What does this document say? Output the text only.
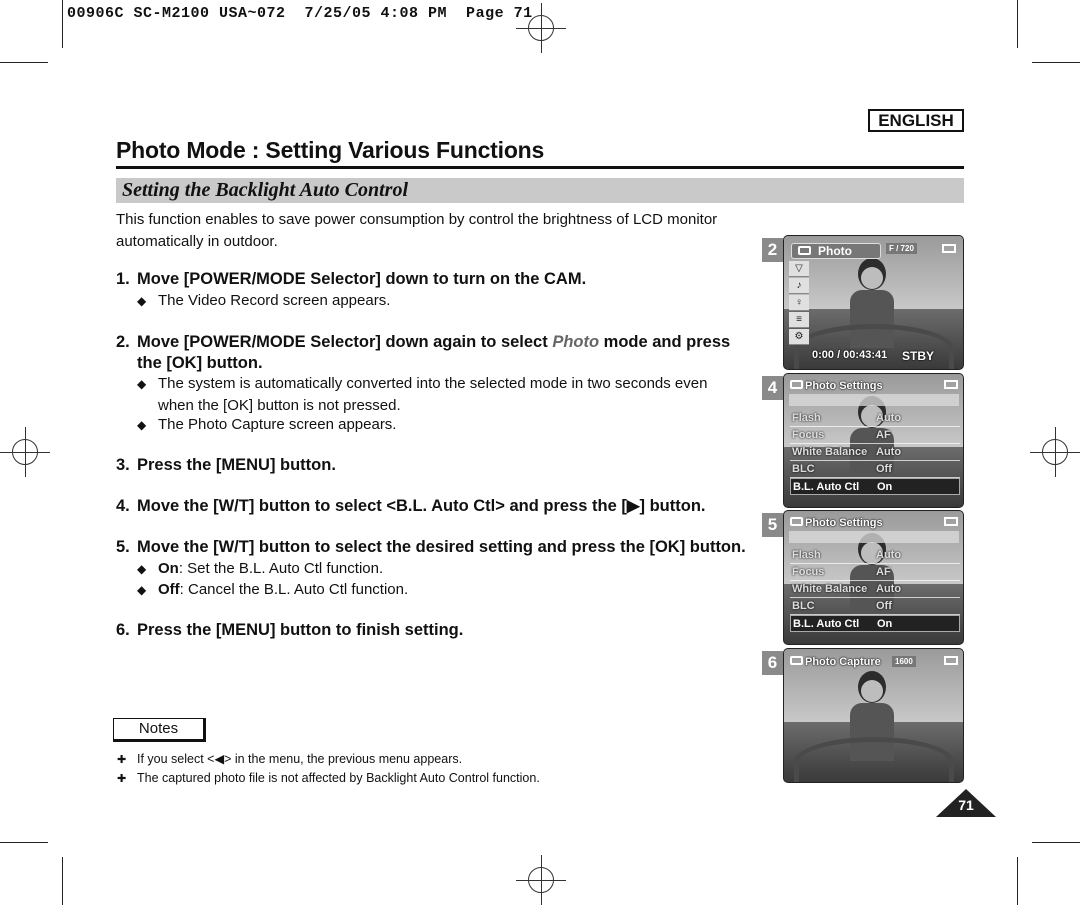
00906C SC-M2100 USA~072  7/25/05 4:08 PM  Page 71
ENGLISH
Photo Mode : Setting Various Functions
Setting the Backlight Auto Control
This function enables to save power consumption by control the brightness of LCD monitor automatically in outdoor.
1. Move [POWER/MODE Selector] down to turn on the CAM.
◆ The Video Record screen appears.
2. Move [POWER/MODE Selector] down again to select Photo mode and press
the [OK] button.
◆ The system is automatically converted into the selected mode in two seconds even
when the [OK] button is not pressed.
◆ The Photo Capture screen appears.
3. Press the [MENU] button.
4. Move the [W/T] button to select <B.L. Auto Ctl> and press the [▶] button.
5. Move the [W/T] button to select the desired setting and press the [OK] button.
◆ On: Set the B.L. Auto Ctl function.
◆ Off: Cancel the B.L. Auto Ctl function.
6. Press the [MENU] button to finish setting.
Notes
✚ If you select <◀> in the menu, the previous menu appears.
✚ The captured photo file is not affected by Backlight Auto Control function.
71
2	Photo	F / 720
▽
♪
♀
≡
⚙
0:00 / 00:43:41 STBY
4	Photo Settings
Flash	Auto
Focus	AF
White Balance Auto
BLC	Off
B.L. Auto Ctl On
5	Photo Settings
Flash	Auto
Focus	AF
White Balance Auto
BLC	Off
B.L. Auto Ctl On
6	Photo Capture	1600
